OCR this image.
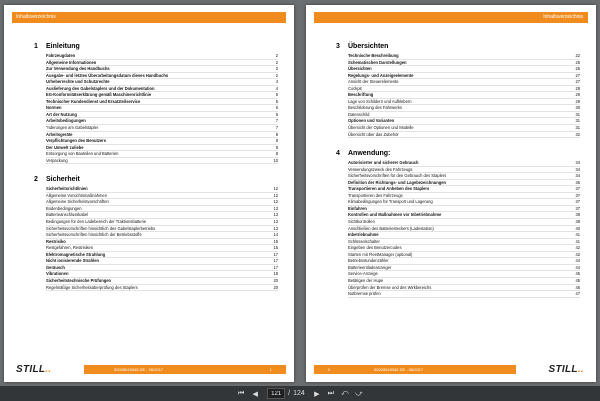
Inhaltsverzeichnis
1	Einleitung
Fahrzeugdaten	2
Allgemeine Informationen	2
Zur Verwendung des Handbuchs	2
Ausgabe- und letztes Überarbeitungsdatum dieses Handbuchs	2
Urheberrechte und Schutzrechte	4
Auslieferung des Gabelstaplers und der Dokumentation	4
EG-Konformitätserklärung gemäß Maschinenrichtlinie	5
Technischer Kundendienst und Ersatzteilservice	5
Normen	6
Art der Nutzung	6
Arbeitsbedingungen	7
"nderungen am Gabelstapler	7
Arbeitsgeräte	8
Verpflichtungen des Benutzers	8
Der Umwelt zuliebe	8
Entsorgung von Bauteilen und Batterien	8
Verpackung	10
2	Sicherheit
Sicherheitsrichtlinien	12
Allgemeine Vorsichtsmaßnahmen	12
Allgemeine Sicherheitsvorschriften	12
Bodenbedingungen	13
Batterieanschlusskabel	13
Bedingungen für den Ladebereich der Traktionsbatterie	13
Sicherheitsvorschriften hinsichtlich des Gabelstaplerbetriebs	13
Sicherheitsvorschriften hinsichtlich der Betriebsstoffe	14
Restrisiko	15
Restgefahren, Restrisiken	15
Elektromagnetische Strahlung	17
Nicht ionisierende Strahlen	17
Geräusch	17
Vibrationen	19
Sicherheitstechnische Prüfungen	20
Regelmäßige Sicherheitsüberprüfung des Staplers	20
STILL..	50028043345 DE - 06/2017	1
Inhaltsverzeichnis
3	Übersichten
Technische Beschreibung	22
Schematischen Darstellungen	25
Übersichten	26
Regelungs- und Anzeigeelemente	27
Ansicht der Steuerelemente	27
Cockpit	28
Beschriftung	29
Lage von Schildern und Aufklebern	29
Beschilderung des Fahrwerks	30
Datenschild	31
Optionen und Varianten	31
Übersicht der Optionen und Modelle	31
Übersicht über das Zubehör	32
4	Anwendung:
Autorisierter und sicherer Gebrauch	34
Verwendungszweck des Fahrzeugs	34
Sicherheitsvorschriften für den Gebrauch des Staplers	34
Definition der Richtungs- und Lagebezeichnungen	36
Transportieren und Anheben des Staplers	37
Transportieren des Fahrzeugs	37
Klimabedingungen für Transport und Lagerung	37
Einfahren	37
Kontrollen und Maßnahmen vor Inbetriebnahme	38
Sichtkontrollen	38
Anschließen des Batteriesteckers (Ladestation)	40
Inbetriebnahme	41
Schlüsselschalter	41
Eingeben des Benutzercodes	42
Starten mit FleetManager (optional)	42
Betriebsstundenzähler	44
Batterieentladeanzeiger	44
Service-Anzeige	45
Betätigen der Hupe	45
Überprüfen der Bremse und des Wirkbereichs	46
Notbremse prüfen	47
II	50028043345 DE - 06/2017	STILL..
⏮	◀
121	/ 124	▶	⏭	⤺ ⤻
